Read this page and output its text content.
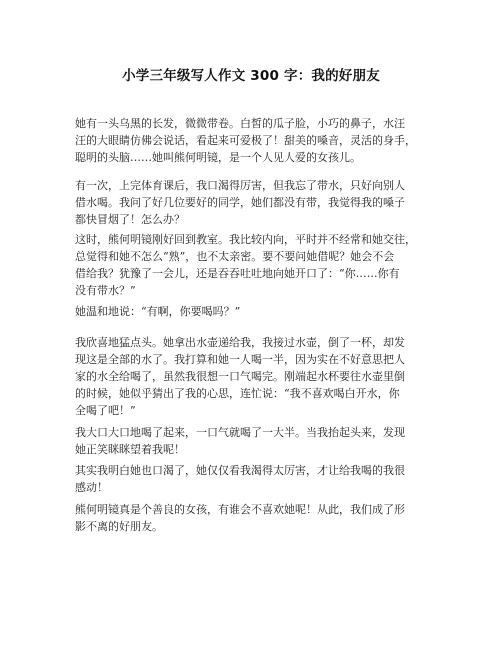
小学三年级写人作文 300 字：我的好朋友
她有一头乌黑的长发，微微带卷。白皙的瓜子脸，小巧的鼻子，水汪
汪的大眼睛仿佛会说话，看起来可爱极了！甜美的嗓音，灵活的身手，
聪明的头脑……她叫熊何明镜，是一个人见人爱的女孩儿。
有一次，上完体育课后，我口渴得厉害，但我忘了带水，只好向别人
借水喝。我问了好几位要好的同学，她们都没有带，我觉得我的嗓子
都快冒烟了！怎么办？
这时，熊何明镜刚好回到教室。我比较内向，平时并不经常和她交往，
总觉得和她不怎么“熟”，也不太亲密。要不要问她借呢？她会不会
借给我？犹豫了一会儿，还是吞吞吐吐地向她开口了：“你……你有
没有带水？”
她温和地说：“有啊，你要喝吗？”
我欣喜地猛点头。她拿出水壶递给我，我接过水壶，倒了一杯，却发
现这是全部的水了。我打算和她一人喝一半，因为实在不好意思把人
家的水全给喝了，虽然我很想一口气喝完。刚端起水杯要往水壶里倒
的时候，她似乎猜出了我的心思，连忙说：“我不喜欢喝白开水，你
全喝了吧！”
我大口大口地喝了起来，一口气就喝了一大半。当我抬起头来，发现
她正笑眯眯望着我呢！
其实我明白她也口渴了，她仅仅看我渴得太厉害，才让给我喝的我很
感动！
熊何明镜真是个善良的女孩，有谁会不喜欢她呢！从此，我们成了形
影不离的好朋友。
